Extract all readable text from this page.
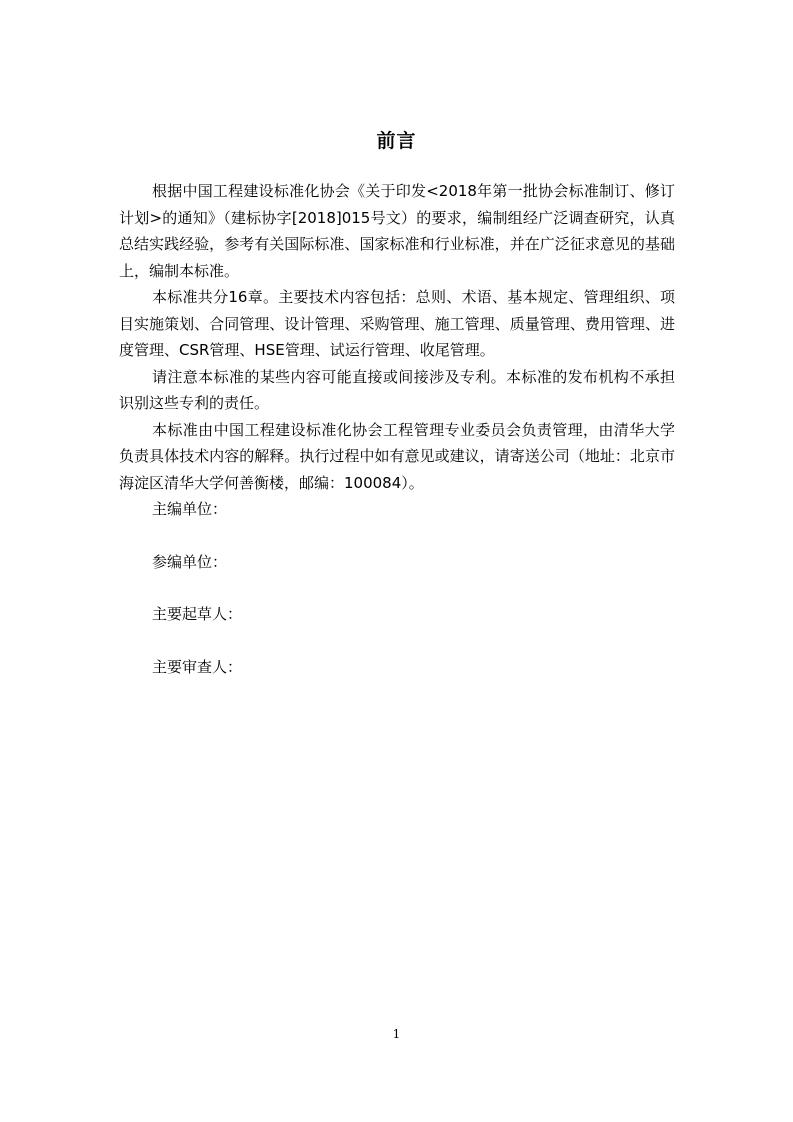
前言

根据中国工程建设标准化协会《关于印发<2018年第一批协会标准制订、修订计划>的通知》（建标协字[2018]015号文）的要求，编制组经广泛调查研究，认真总结实践经验，参考有关国际标准、国家标准和行业标准，并在广泛征求意见的基础上，编制本标准。

本标准共分16章。主要技术内容包括：总则、术语、基本规定、管理组织、项目实施策划、合同管理、设计管理、采购管理、施工管理、质量管理、费用管理、进度管理、CSR管理、HSE管理、试运行管理、收尾管理。

请注意本标准的某些内容可能直接或间接涉及专利。本标准的发布机构不承担识别这些专利的责任。

本标准由中国工程建设标准化协会工程管理专业委员会负责管理，由清华大学负责具体技术内容的解释。执行过程中如有意见或建议，请寄送公司（地址：北京市海淀区清华大学何善衡楼，邮编：100084）。

主编单位：

参编单位：

主要起草人：

主要审查人：

1
